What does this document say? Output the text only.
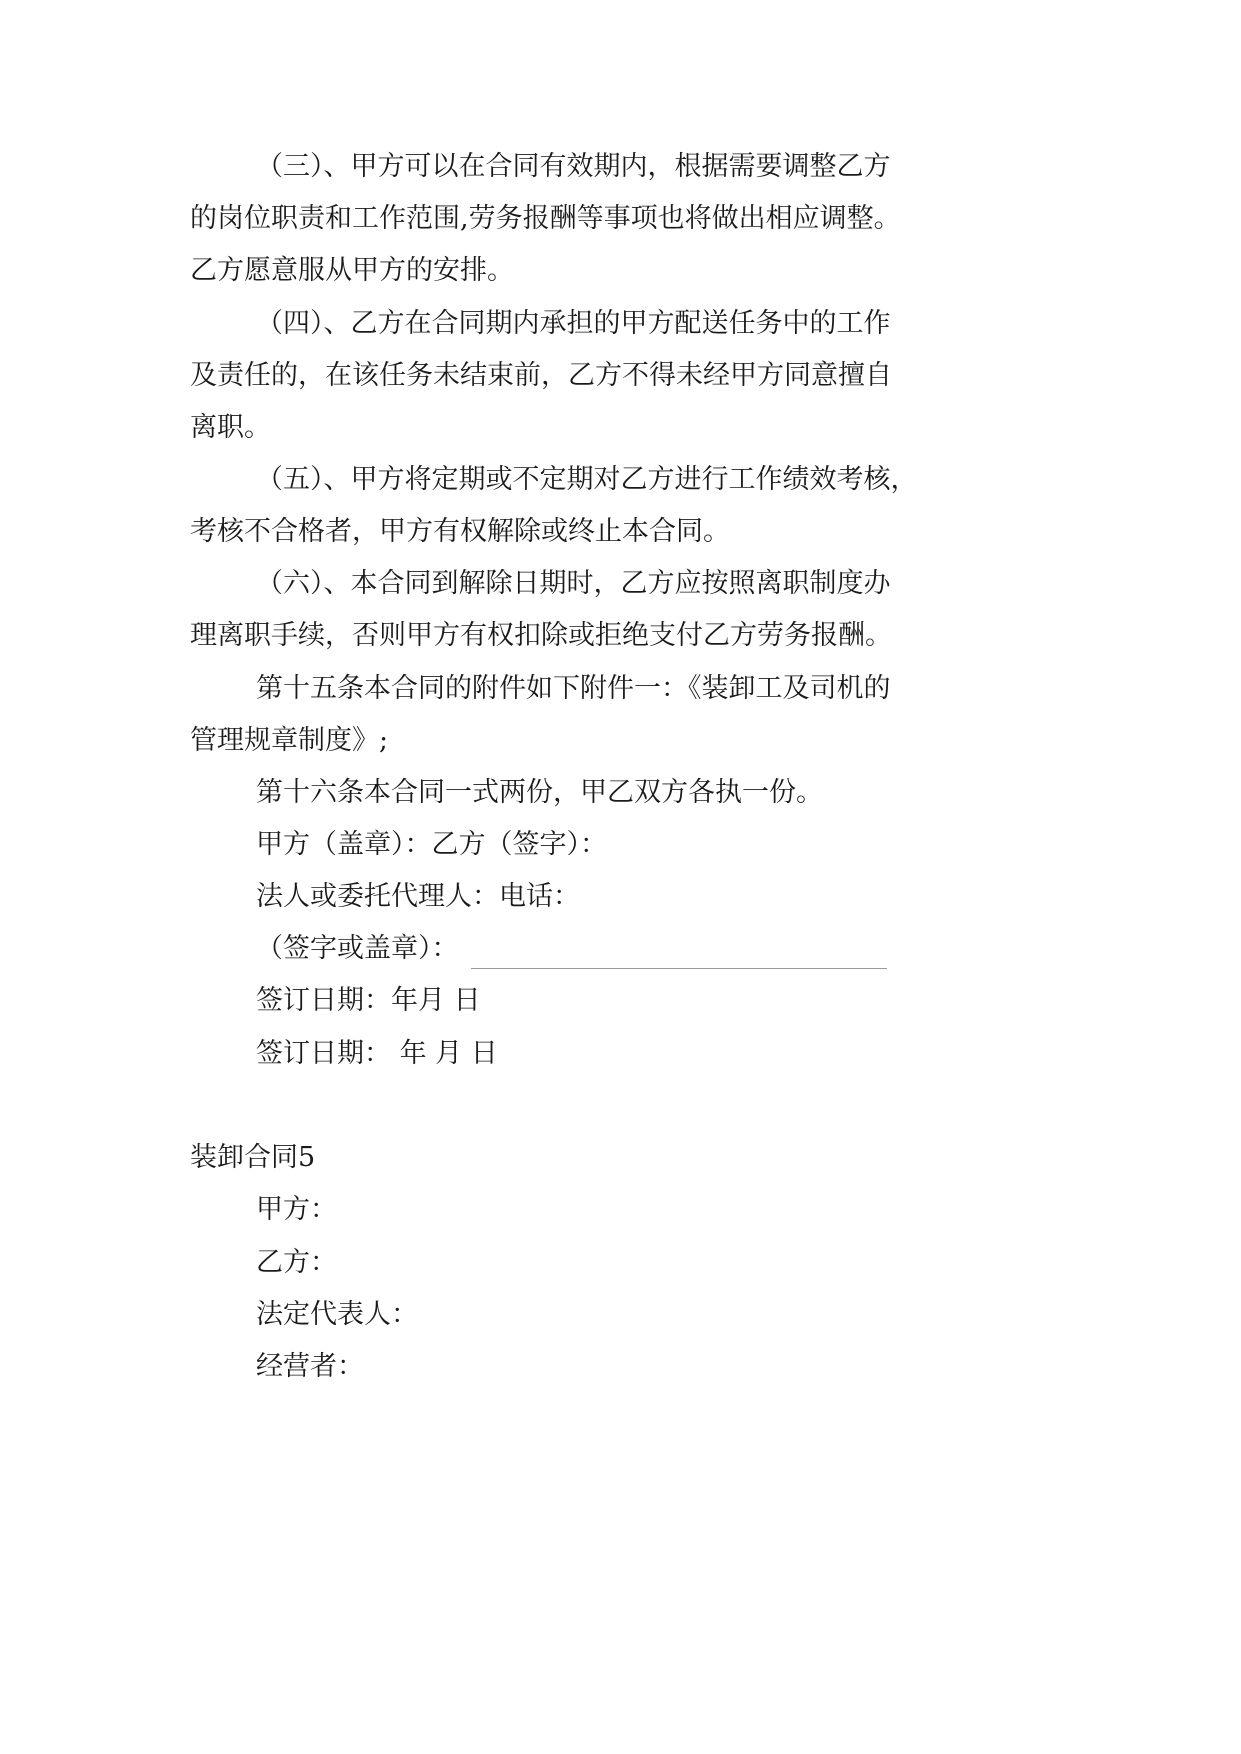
（三）、甲方可以在合同有效期内，根据需要调整乙方

的岗位职责和工作范围,劳务报酬等事项也将做出相应调整。

乙方愿意服从甲方的安排。

（四）、乙方在合同期内承担的甲方配送任务中的工作

及责任的，在该任务未结束前，乙方不得未经甲方同意擅自

离职。

（五）、甲方将定期或不定期对乙方进行工作绩效考核，

考核不合格者，甲方有权解除或终止本合同。

（六）、本合同到解除日期时，乙方应按照离职制度办

理离职手续，否则甲方有权扣除或拒绝支付乙方劳务报酬。

第十五条本合同的附件如下附件一：《装卸工及司机的

管理规章制度》;

第十六条本合同一式两份，甲乙双方各执一份。

甲方（盖章）：乙方（签字）：

法人或委托代理人：电话：

（签字或盖章）：

签订日期：年月 日

签订日期： 年 月 日

装卸合同5

甲方：

乙方：

法定代表人：

经营者：
